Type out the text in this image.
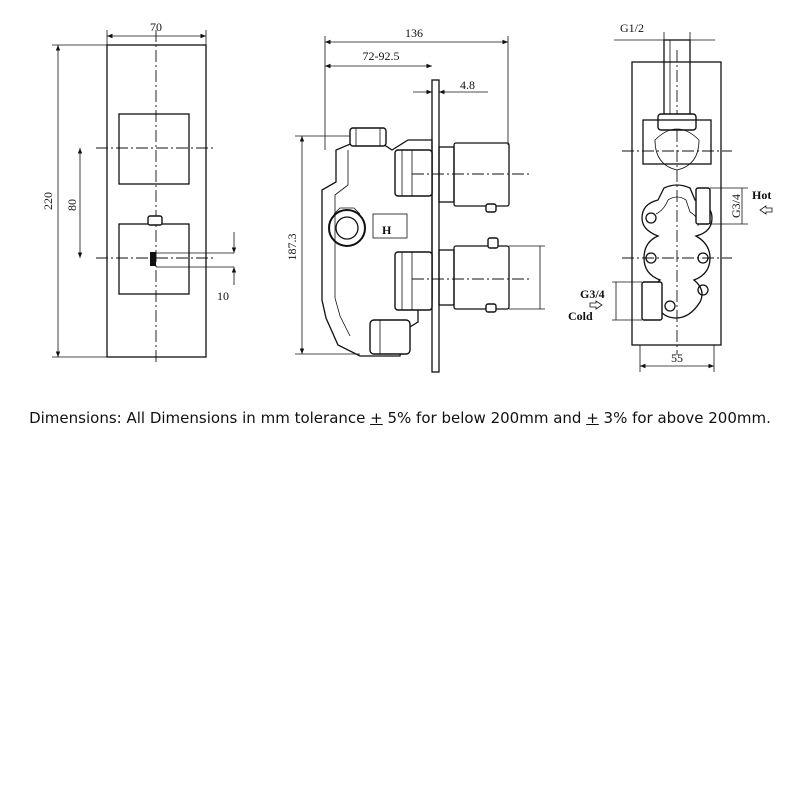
70
220 80
10
136
72-92.5
4.8
187.3
H
G1/2
G3/4 Hot
G3/4
Cold
55
Dimensions: All Dimensions in mm tolerance + 5% for below 200mm and + 3% for above 200mm.
